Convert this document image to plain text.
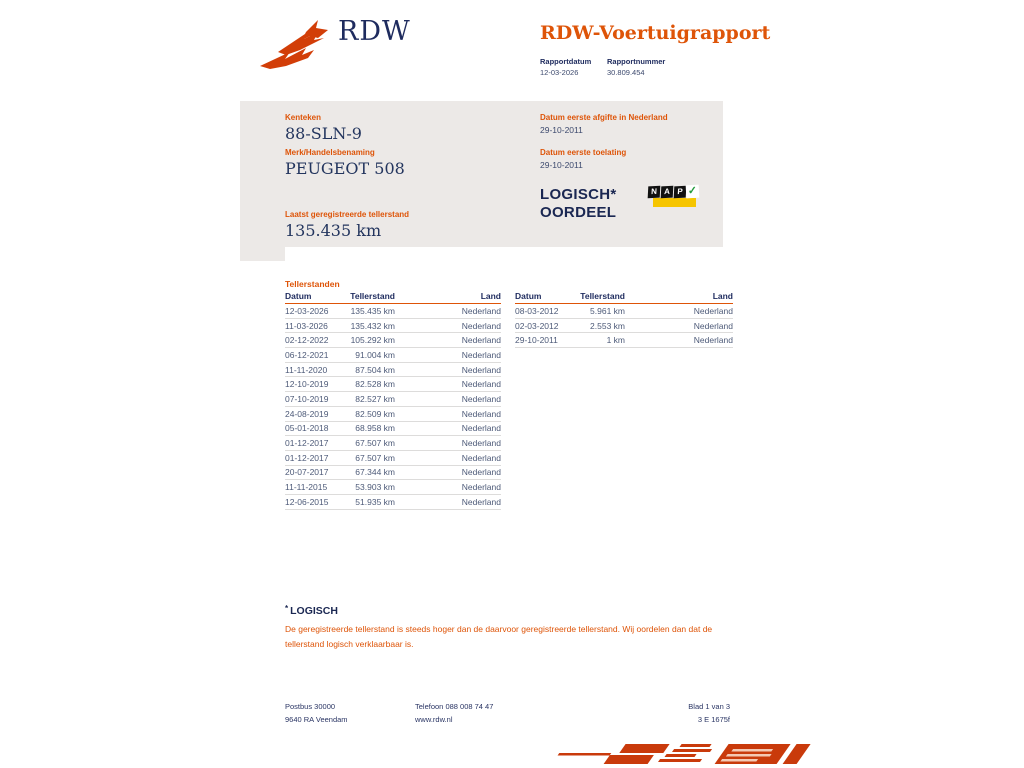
RDW	RDW-Voertuigrapport
Rapportdatum Rapportnummer
12-03-2026	30.809.454
Kenteken
88-SLN-9
Merk/Handelsbenaming
PEUGEOT 508
Laatst geregistreerde tellerstand
135.435 km
Datum eerste afgifte in Nederland
29-10-2011
Datum eerste toelating
29-10-2011
LOGISCH*
OORDEEL
N A P ✓
Tellerstanden
Datum	Tellerstand	Land
12-03-2026	135.435 km	Nederland
11-03-2026	135.432 km	Nederland
02-12-2022	105.292 km	Nederland
06-12-2021	91.004 km	Nederland
11-11-2020	87.504 km	Nederland
12-10-2019	82.528 km	Nederland
07-10-2019	82.527 km	Nederland
24-08-2019	82.509 km	Nederland
05-01-2018	68.958 km	Nederland
01-12-2017	67.507 km	Nederland
01-12-2017	67.507 km	Nederland
20-07-2017	67.344 km	Nederland
11-11-2015	53.903 km	Nederland
12-06-2015	51.935 km	Nederland
Datum	Tellerstand	Land
08-03-2012	5.961 km	Nederland
02-03-2012	2.553 km	Nederland
29-10-2011	1 km	Nederland
* LOGISCH
De geregistreerde tellerstand is steeds hoger dan de daarvoor geregistreerde tellerstand. Wij oordelen dan dat de tellerstand logisch verklaarbaar is.
Postbus 30000
9640 RA Veendam
Telefoon 088 008 74 47
www.rdw.nl
Blad 1 van 3
3 E 1675f
